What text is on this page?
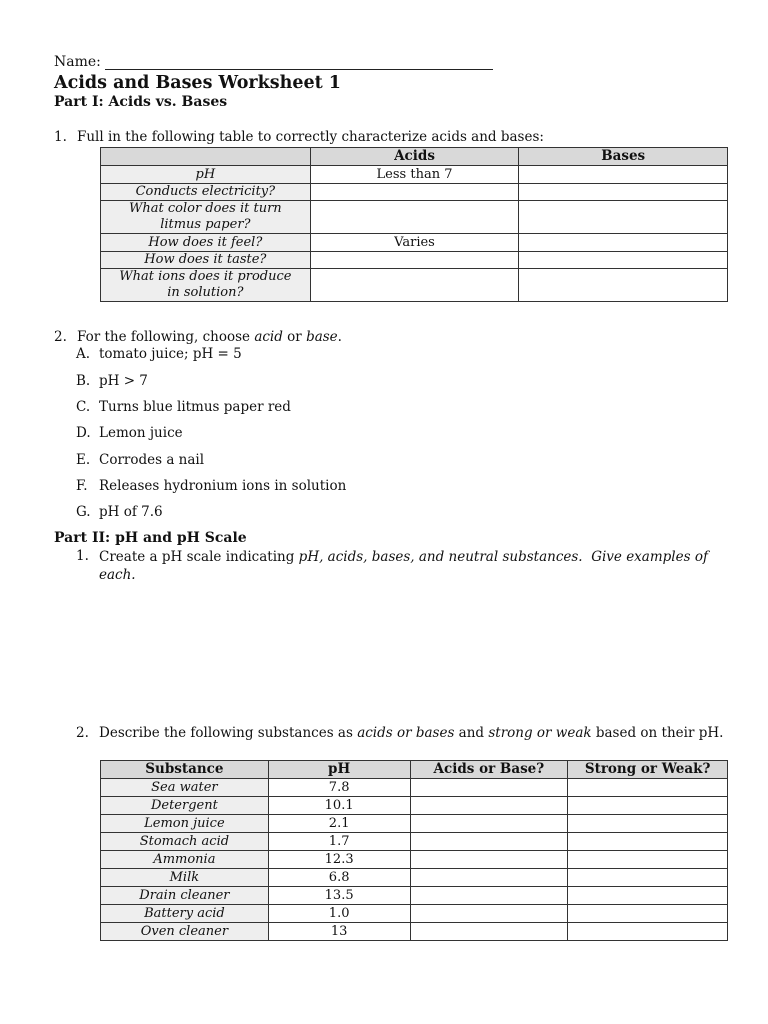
Name:
Acids and Bases Worksheet 1
Part I: Acids vs. Bases
1. Full in the following table to correctly characterize acids and bases:
	Acids	Bases
pH	Less than 7	
Conducts electricity?		
What color does it turn litmus paper?		
How does it feel?	Varies	
How does it taste?		
What ions does it produce in solution?		
2. For the following, choose acid or base.
A. tomato juice; pH = 5
B. pH > 7
C. Turns blue litmus paper red
D. Lemon juice
E. Corrodes a nail
F. Releases hydronium ions in solution
G. pH of 7.6
Part II: pH and pH Scale
1. Create a pH scale indicating pH, acids, bases, and neutral substances. Give examples of each.
2. Describe the following substances as acids or bases and strong or weak based on their pH.
Substance	pH	Acids or Base?	Strong or Weak?
Sea water	7.8		
Detergent	10.1		
Lemon juice	2.1		
Stomach acid	1.7		
Ammonia	12.3		
Milk	6.8		
Drain cleaner	13.5		
Battery acid	1.0		
Oven cleaner	13		
